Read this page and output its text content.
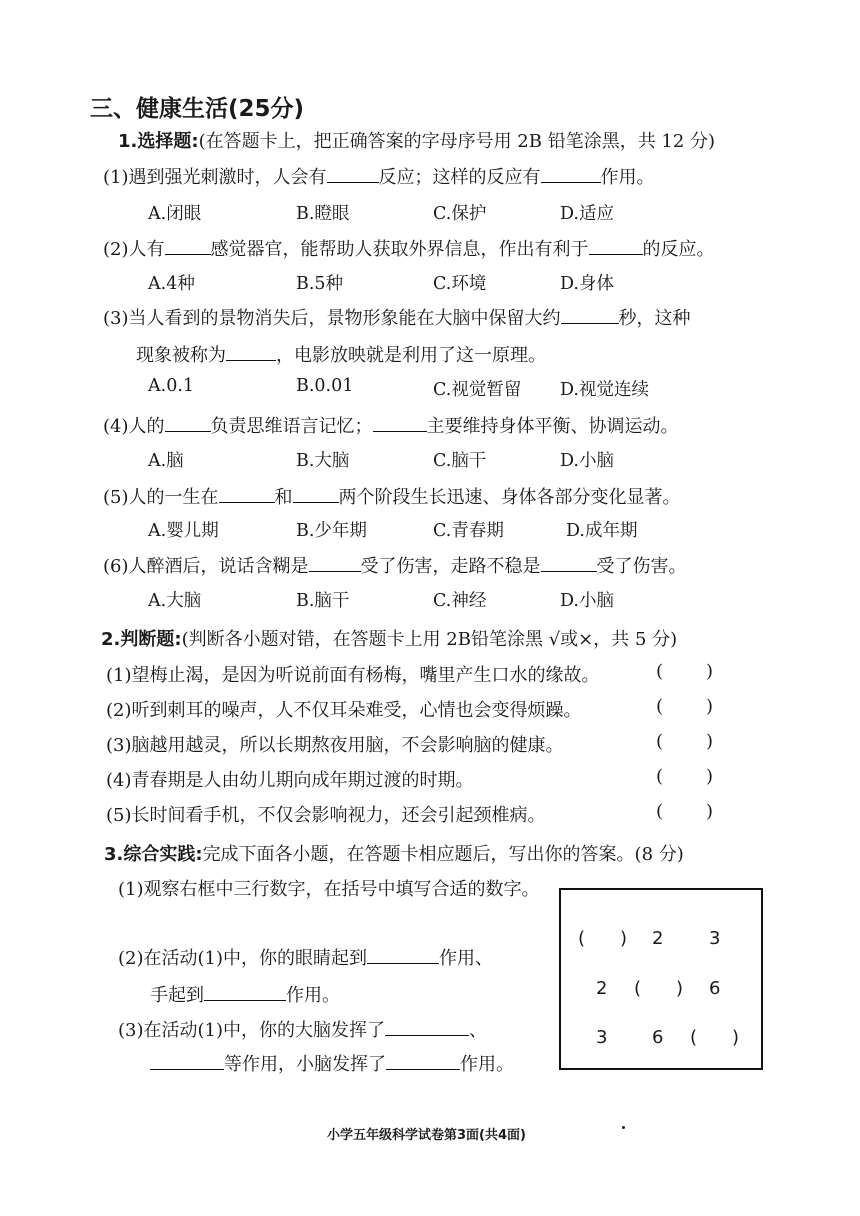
三、健康生活(25分)
1.选择题:(在答题卡上，把正确答案的字母序号用 2B 铅笔涂黑，共 12 分)
(1)遇到强光刺激时，人会有	反应；这样的反应有	作用。
A.闭眼	B.瞪眼	C.保护	D.适应
(2)人有	感觉器官，能帮助人获取外界信息，作出有利于	的反应。
A.4种	B.5种	C.环境	D.身体
(3)当人看到的景物消失后，景物形象能在大脑中保留大约	秒，这种
现象被称为	，电影放映就是利用了这一原理。
A.0.1	B.0.01	C.视觉暂留 D.视觉连续
(4)人的	负责思维语言记忆；	主要维持身体平衡、协调运动。
A.脑	B.大脑	C.脑干	D.小脑
(5)人的一生在	和	两个阶段生长迅速、身体各部分变化显著。
A.婴儿期	B.少年期	C.青春期	D.成年期
(6)人醉酒后，说话含糊是	受了伤害，走路不稳是	受了伤害。
A.大脑	B.脑干	C.神经	D.小脑
2.判断题:(判断各小题对错，在答题卡上用 2B铅笔涂黑 √或×，共 5 分)
(1)望梅止渴，是因为听说前面有杨梅，嘴里产生口水的缘故。	( )
(2)听到刺耳的噪声，人不仅耳朵难受，心情也会变得烦躁。	( )
(3)脑越用越灵，所以长期熬夜用脑，不会影响脑的健康。	( )
(4)青春期是人由幼儿期向成年期过渡的时期。	( )
(5)长时间看手机，不仅会影响视力，还会引起颈椎病。	( )
3.综合实践:完成下面各小题，在答题卡相应题后，写出你的答案。(8 分)
(1)观察右框中三行数字，在括号中填写合适的数字。
(2)在活动(1)中，你的眼睛起到	作用、
手起到	作用。
(3)在活动(1)中，你的大脑发挥了	、
等作用，小脑发挥了	作用。
( ) 2	3
2 ( ) 6
3 6 ( )
小学五年级科学试卷第3面(共4面)
